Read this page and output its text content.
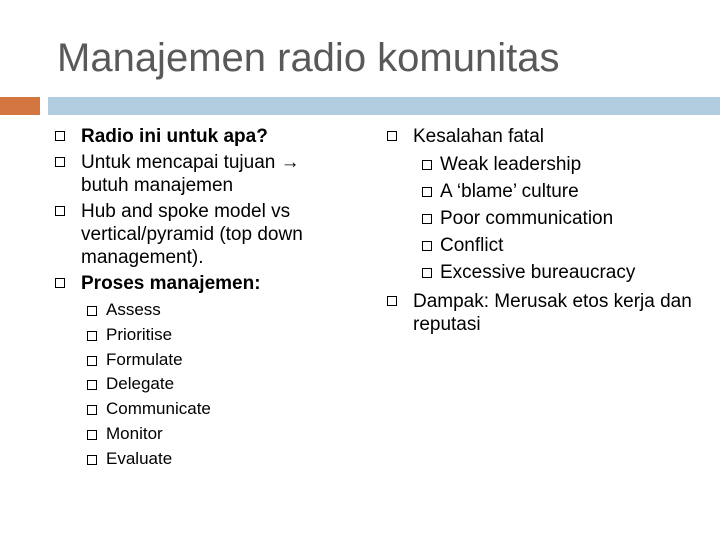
Manajemen radio komunitas
Radio ini untuk apa?
Untuk mencapai tujuan → butuh manajemen
Hub and spoke model vs vertical/pyramid (top down management).
Proses manajemen:
Assess
Prioritise
Formulate
Delegate
Communicate
Monitor
Evaluate
Kesalahan fatal
Weak leadership
A ‘blame’ culture
Poor communication
Conflict
Excessive bureaucracy
Dampak: Merusak etos kerja dan reputasi
